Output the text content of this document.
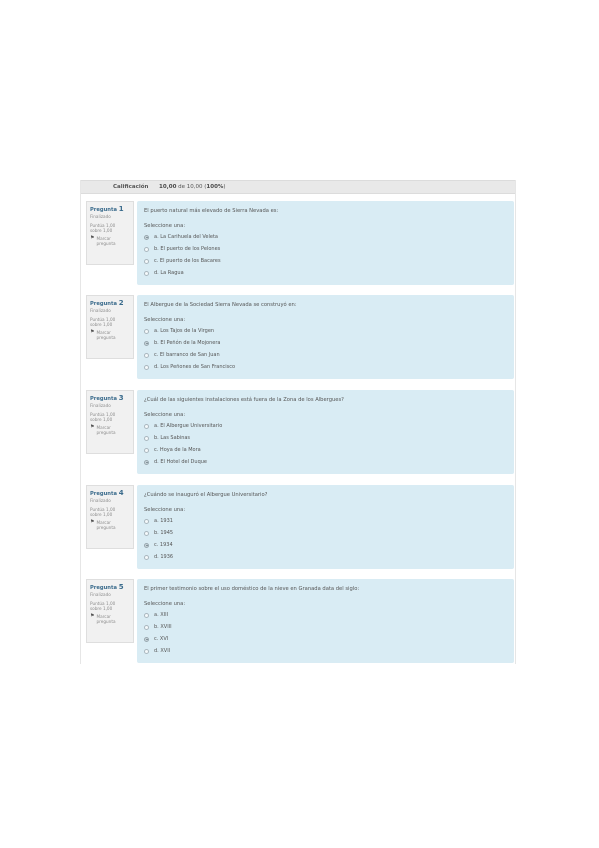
Calificación 10,00 de 10,00 (100%)
Pregunta 1
Finalizado
Puntúa 1,00
sobre 1,00
⚑ Marcar
pregunta
El puerto natural más elevado de Sierra Nevada es:
Seleccione una:
a. La Carihuela del Veleta
b. El puerto de los Pelones
c. El puerto de los Bacares
d. La Ragua
Pregunta 2
Finalizado
Puntúa 1,00
sobre 1,00
⚑ Marcar
pregunta
El Albergue de la Sociedad Sierra Nevada se construyó en:
Seleccione una:
a. Los Tajos de la Virgen
b. El Peñón de la Mojonera
c. El barranco de San Juan
d. Los Peñones de San Francisco
Pregunta 3
Finalizado
Puntúa 1,00
sobre 1,00
⚑ Marcar
pregunta
¿Cuál de las siguientes instalaciones está fuera de la Zona de los Albergues?
Seleccione una:
a. El Albergue Universitario
b. Las Sabinas
c. Hoya de la Mora
d. El Hotel del Duque
Pregunta 4
Finalizado
Puntúa 1,00
sobre 1,00
⚑ Marcar
pregunta
¿Cuándo se inauguró el Albergue Universitario?
Seleccione una:
a. 1931
b. 1945
c. 1934
d. 1936
Pregunta 5
Finalizado
Puntúa 1,00
sobre 1,00
⚑ Marcar
pregunta
El primer testimonio sobre el uso doméstico de la nieve en Granada data del siglo:
Seleccione una:
a. XIII
b. XVIII
c. XVI
d. XVII
